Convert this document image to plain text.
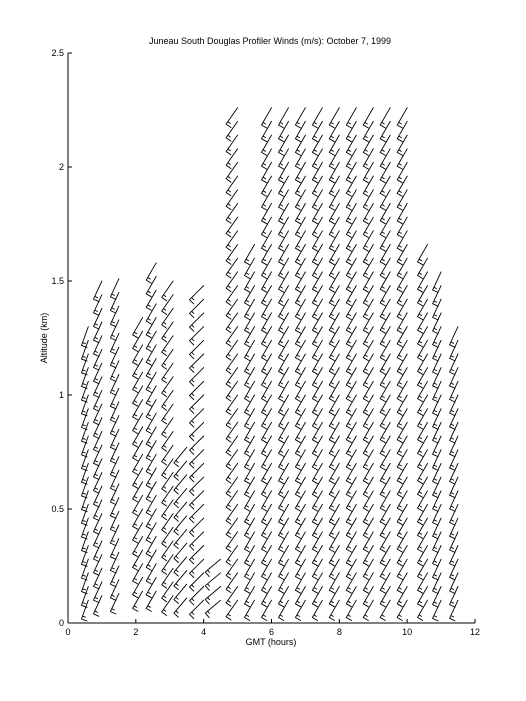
Juneau South Douglas Profiler Winds (m/s): October 7, 1999
0	2	4	6	8	10	12
0
0.5
1
1.5
2
2.5
GMT (hours)
Altitude (km)
